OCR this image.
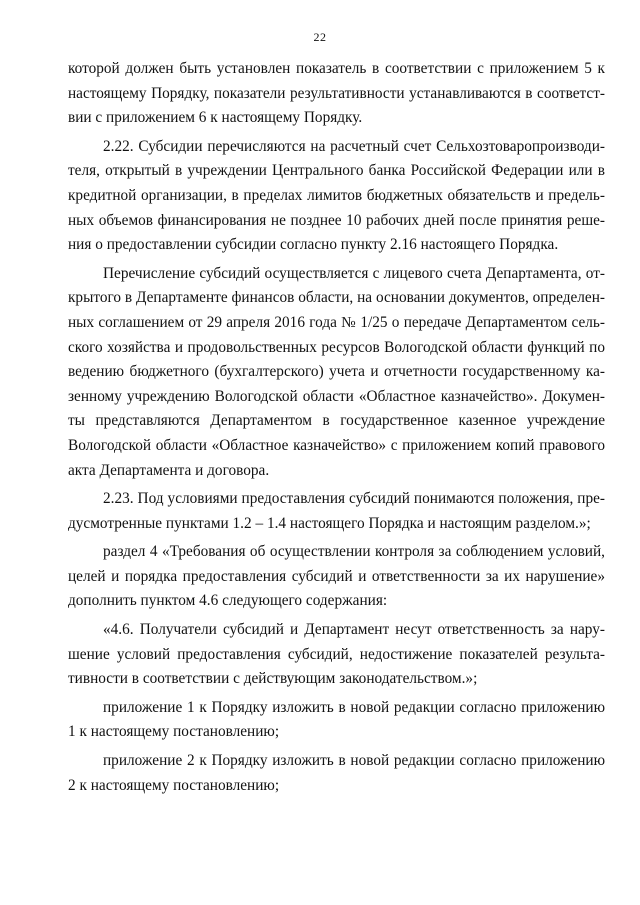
22

которой должен быть установлен показатель в соответствии с приложением 5 к настоящему Порядку, показатели результативности устанавливаются в соответствии с приложением 6 к настоящему Порядку.

2.22. Субсидии перечисляются на расчетный счет Сельхозтоваропроизводителя, открытый в учреждении Центрального банка Российской Федерации или в кредитной организации, в пределах лимитов бюджетных обязательств и предельных объемов финансирования не позднее 10 рабочих дней после принятия решения о предоставлении субсидии согласно пункту 2.16 настоящего Порядка.

Перечисление субсидий осуществляется с лицевого счета Департамента, открытого в Департаменте финансов области, на основании документов, определенных соглашением от 29 апреля 2016 года № 1/25 о передаче Департаментом сельского хозяйства и продовольственных ресурсов Вологодской области функций по ведению бюджетного (бухгалтерского) учета и отчетности государственному казенному учреждению Вологодской области «Областное казначейство». Документы представляются Департаментом в государственное казенное учреждение Вологодской области «Областное казначейство» с приложением копий правового акта Департамента и договора.

2.23. Под условиями предоставления субсидий понимаются положения, предусмотренные пунктами 1.2 – 1.4 настоящего Порядка и настоящим разделом.»;

раздел 4 «Требования об осуществлении контроля за соблюдением условий, целей и порядка предоставления субсидий и ответственности за их нарушение» дополнить пунктом 4.6 следующего содержания:

«4.6. Получатели субсидий и Департамент несут ответственность за нарушение условий предоставления субсидий, недостижение показателей результативности в соответствии с действующим законодательством.»;

приложение 1 к Порядку изложить в новой редакции согласно приложению 1 к настоящему постановлению;

приложение 2 к Порядку изложить в новой редакции согласно приложению 2 к настоящему постановлению;
